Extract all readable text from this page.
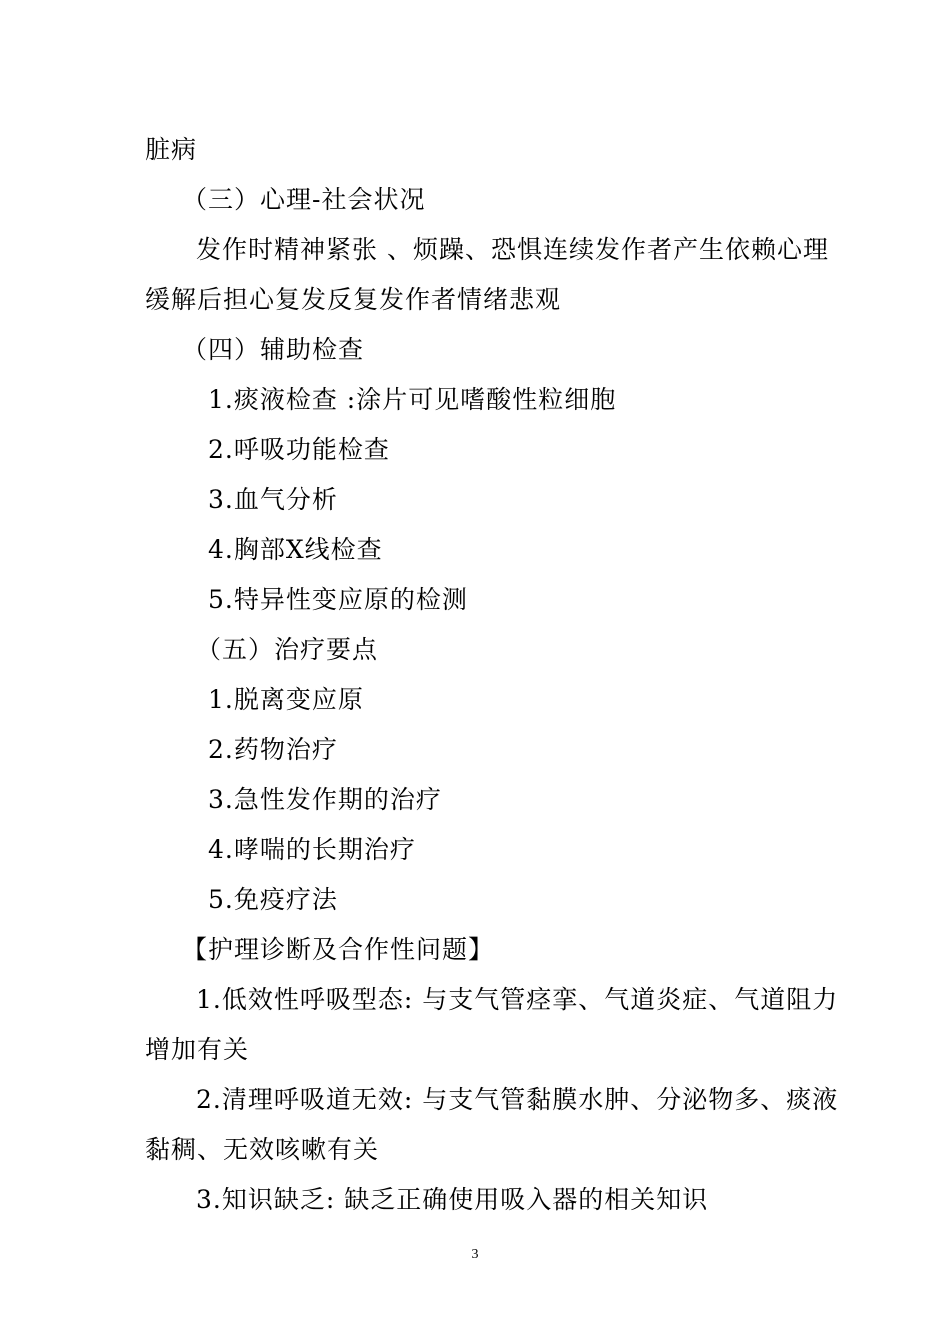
脏病
（三）心理-社会状况
发作时精神紧张 、烦躁、恐惧连续发作者产生依赖心理
缓解后担心复发反复发作者情绪悲观
（四）辅助检查
1.痰液检查 :涂片可见嗜酸性粒细胞
2.呼吸功能检查
3.血气分析
4.胸部X线检查
5.特异性变应原的检测
（五）治疗要点
1.脱离变应原
2.药物治疗
3.急性发作期的治疗
4.哮喘的长期治疗
5.免疫疗法
【护理诊断及合作性问题】
1.低效性呼吸型态: 与支气管痉挛、气道炎症、气道阻力
增加有关
2.清理呼吸道无效: 与支气管黏膜水肿、分泌物多、痰液
黏稠、无效咳嗽有关
3.知识缺乏: 缺乏正确使用吸入器的相关知识
3
